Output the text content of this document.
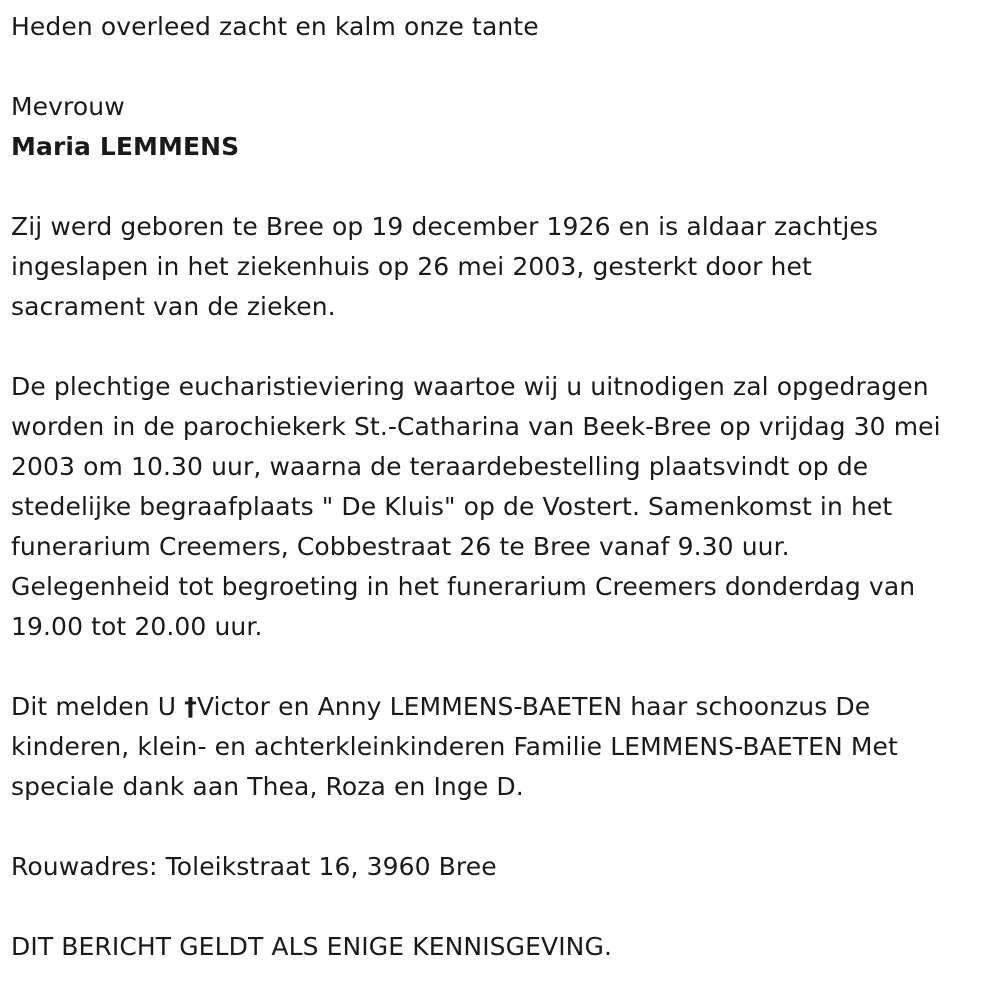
Heden overleed zacht en kalm onze tante

Mevrouw

Maria LEMMENS

Zij werd geboren te Bree op 19 december 1926 en is aldaar zachtjes

ingeslapen in het ziekenhuis op 26 mei 2003, gesterkt door het

sacrament van de zieken.

De plechtige eucharistieviering waartoe wij u uitnodigen zal opgedragen

worden in de parochiekerk St.-Catharina van Beek-Bree op vrijdag 30 mei

2003 om 10.30 uur, waarna de teraardebestelling plaatsvindt op de

stedelijke begraafplaats " De Kluis" op de Vostert. Samenkomst in het

funerarium Creemers, Cobbestraat 26 te Bree vanaf 9.30 uur.

Gelegenheid tot begroeting in het funerarium Creemers donderdag van

19.00 tot 20.00 uur.

Dit melden U †Victor en Anny LEMMENS-BAETEN haar schoonzus De

kinderen, klein- en achterkleinkinderen Familie LEMMENS-BAETEN Met

speciale dank aan Thea, Roza en Inge D.

Rouwadres: Toleikstraat 16, 3960 Bree

DIT BERICHT GELDT ALS ENIGE KENNISGEVING.
